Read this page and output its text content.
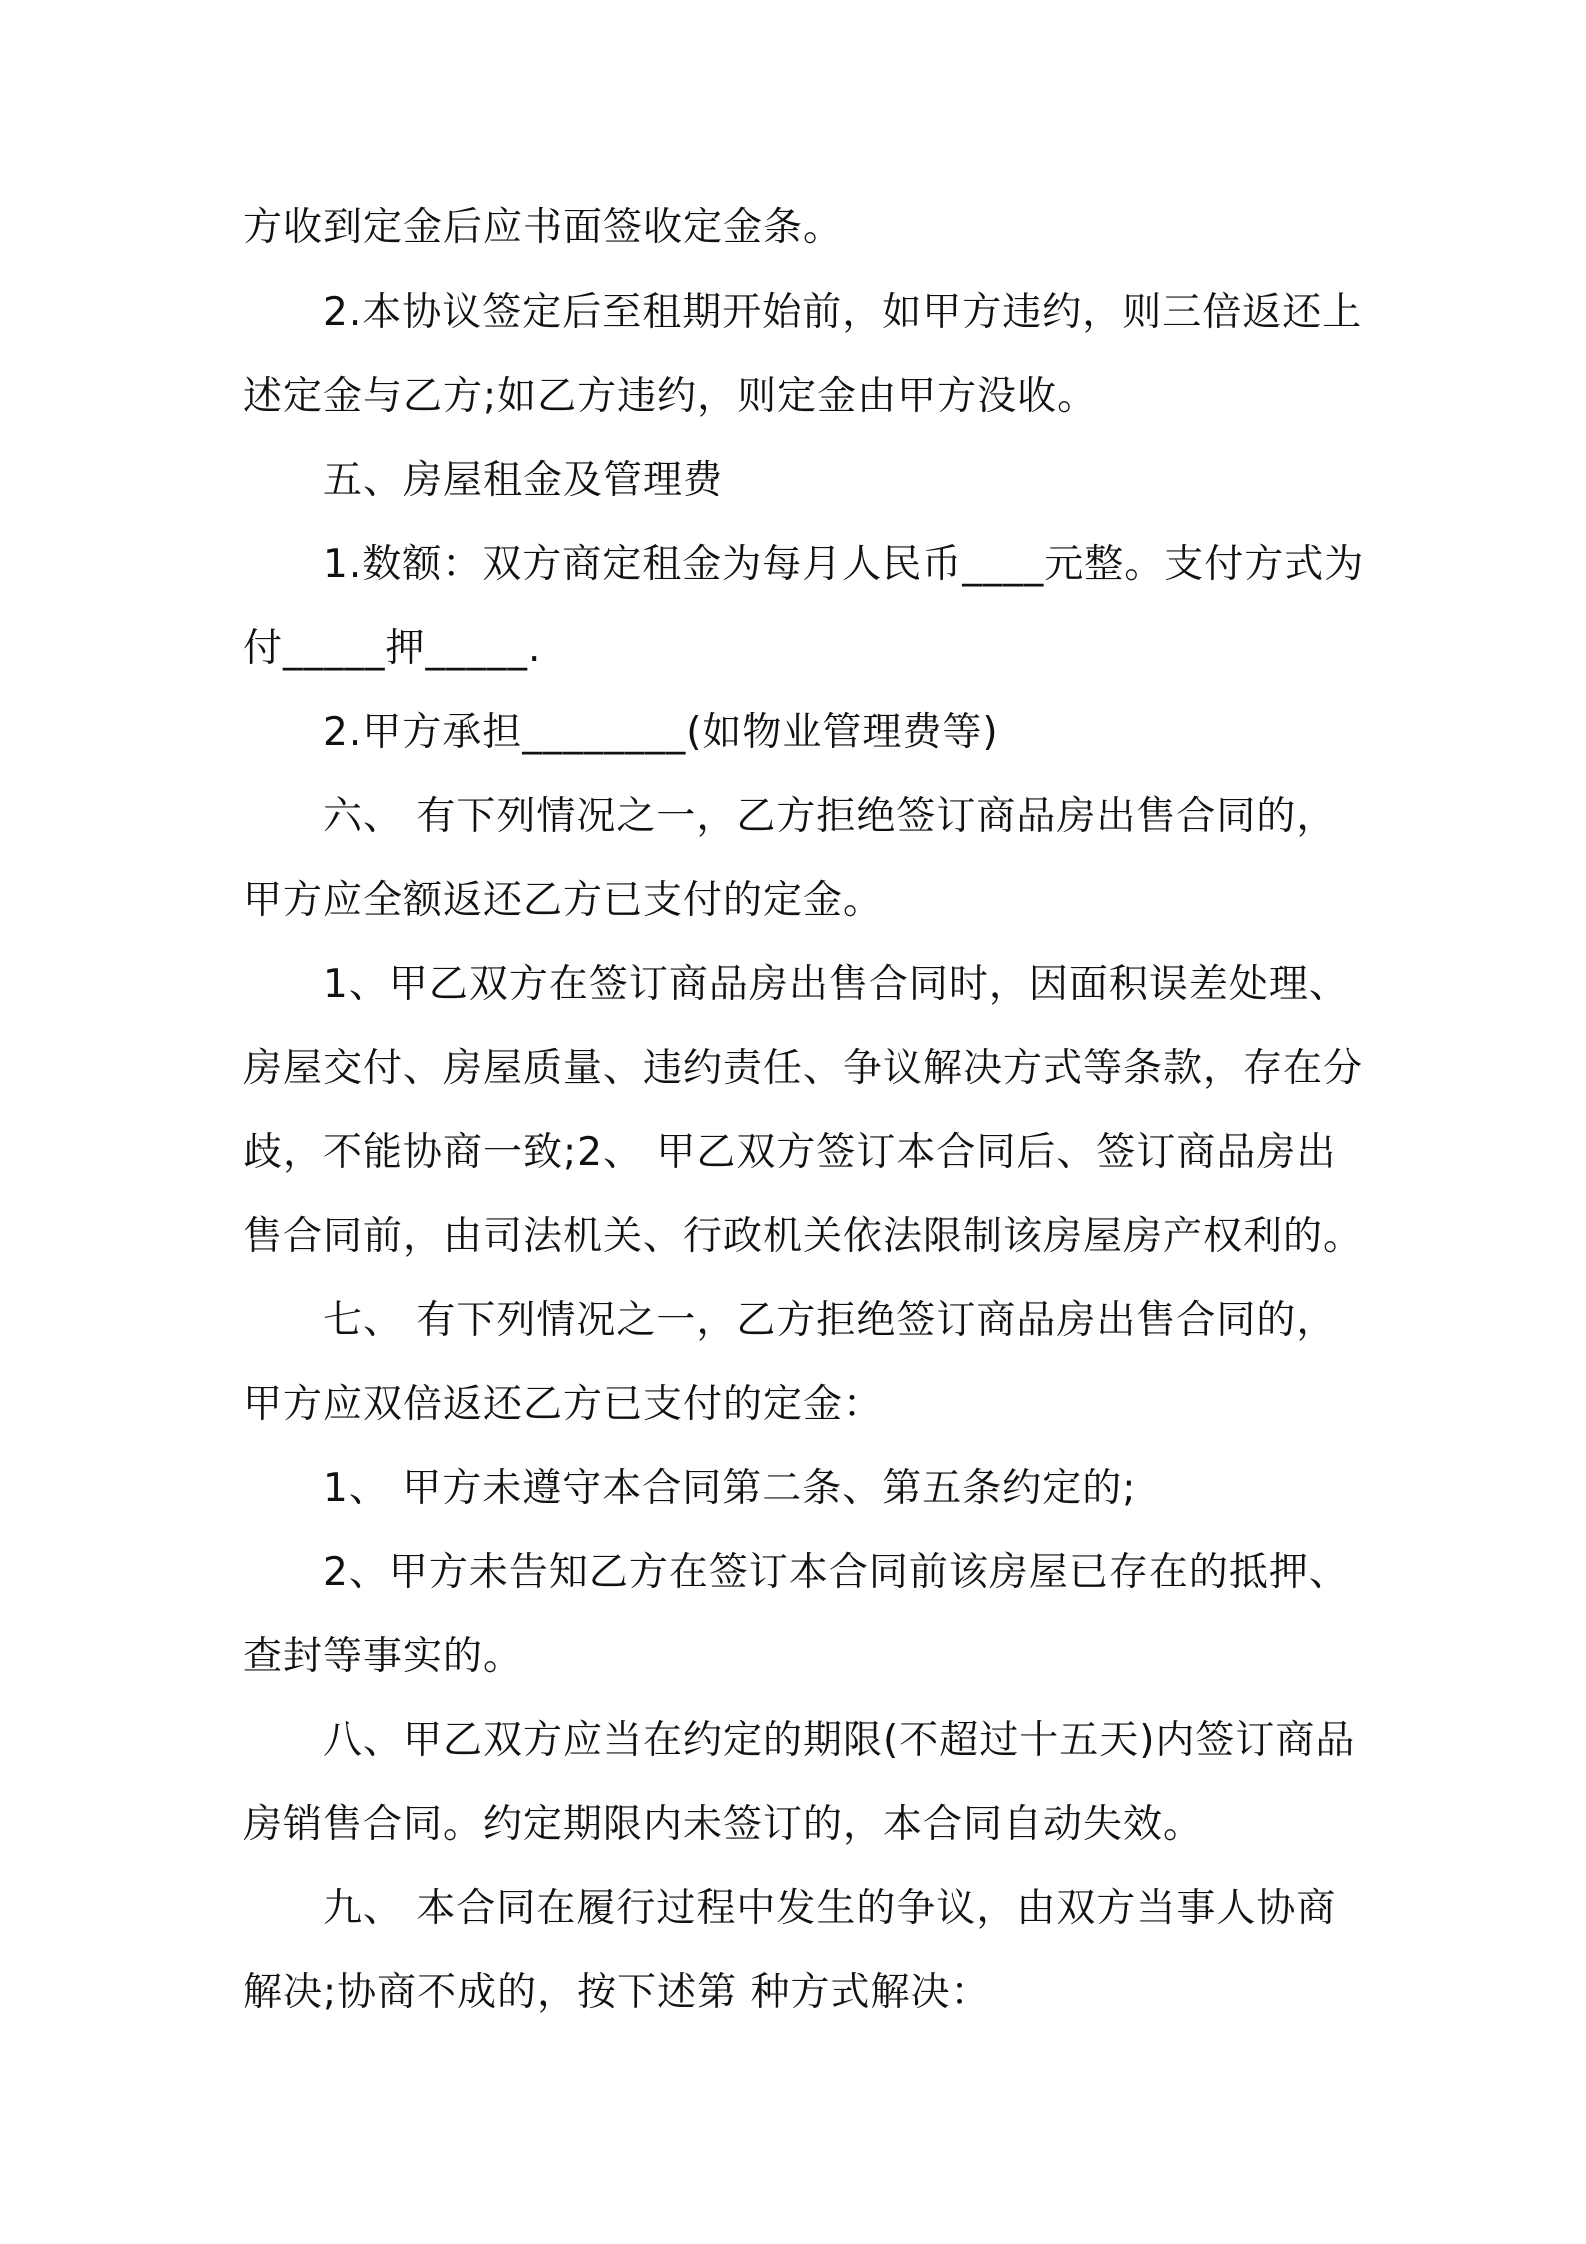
方收到定金后应书面签收定金条。
2.本协议签定后至租期开始前，如甲方违约，则三倍返还上
述定金与乙方;如乙方违约，则定金由甲方没收。
五、房屋租金及管理费
1.数额：双方商定租金为每月人民币____元整。支付方式为
付_____押_____.
2.甲方承担________(如物业管理费等)
六、 有下列情况之一，乙方拒绝签订商品房出售合同的，
甲方应全额返还乙方已支付的定金。
1、甲乙双方在签订商品房出售合同时，因面积误差处理、
房屋交付、房屋质量、违约责任、争议解决方式等条款，存在分
歧，不能协商一致;2、 甲乙双方签订本合同后、签订商品房出
售合同前，由司法机关、行政机关依法限制该房屋房产权利的。
七、 有下列情况之一，乙方拒绝签订商品房出售合同的，
甲方应双倍返还乙方已支付的定金：
1、 甲方未遵守本合同第二条、第五条约定的;
2、甲方未告知乙方在签订本合同前该房屋已存在的抵押、
查封等事实的。
八、甲乙双方应当在约定的期限(不超过十五天)内签订商品
房销售合同。约定期限内未签订的，本合同自动失效。
九、 本合同在履行过程中发生的争议，由双方当事人协商
解决;协商不成的，按下述第 种方式解决：
